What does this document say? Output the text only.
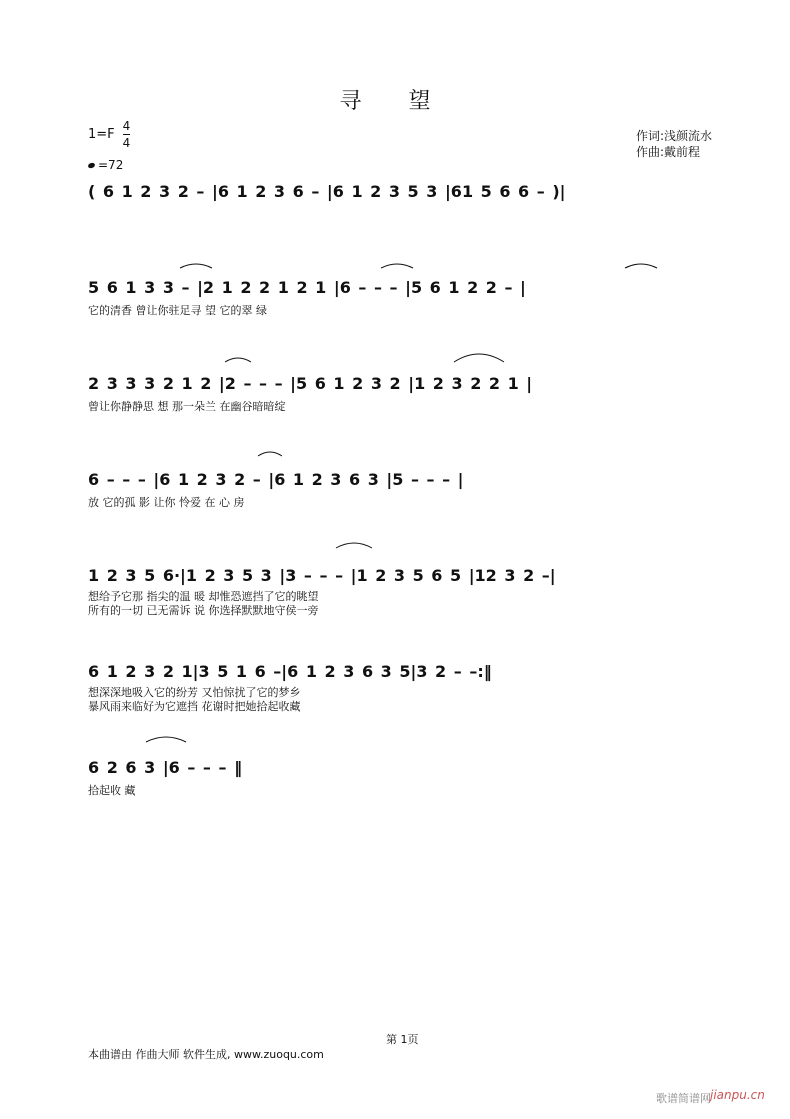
寻 望
$1=F \frac{4}{4}$
=72
作词:浅颜流水
作曲:戴前程
( 6 1 2 3 2 – |6 1 2 3 6 – |6 1 2 3 5 3 |61 5 6 6 – )|
5 6 1 3 3 – |2 1 2 2 1 2 1 |6 – – – |5 6 1 2 2 – |
它的清香 曾让你驻足寻 望 它的翠 绿
2 3 3 3 2 1 2 |2 – – – |5 6 1 2 3 2 |1 2 3 2 2 1 |
曾让你静静思 想 那一朵兰 在幽谷暗暗绽
6 – – – |6 1 2 3 2 – |6 1 2 3 6 3 |5 – – – |
放 它的孤 影 让你 怜爱 在 心 房
1 2 3 5 6·|1 2 3 5 3 |3 – – – |1 2 3 5 6 5 |12 3 2 –|
想给予它那 指尖的温 暖 却惟恐遮挡了它的眺望
所有的一切 已无需诉 说 你选择默默地守侯一旁
6 1 2 3 2 1|3 5 1 6 –|6 1 2 3 6 3 5|3 2 – –:‖
想深深地吸入它的纷芳 又怕惊扰了它的梦乡
暴风雨来临好为它遮挡 花谢时把她拾起收藏
6 2 6 3 |6 – – – ‖
拾起收 藏
第 1页
本曲谱由 作曲大师 软件生成, www.zuoqu.com
歌谱简谱网 jianpu.cn
